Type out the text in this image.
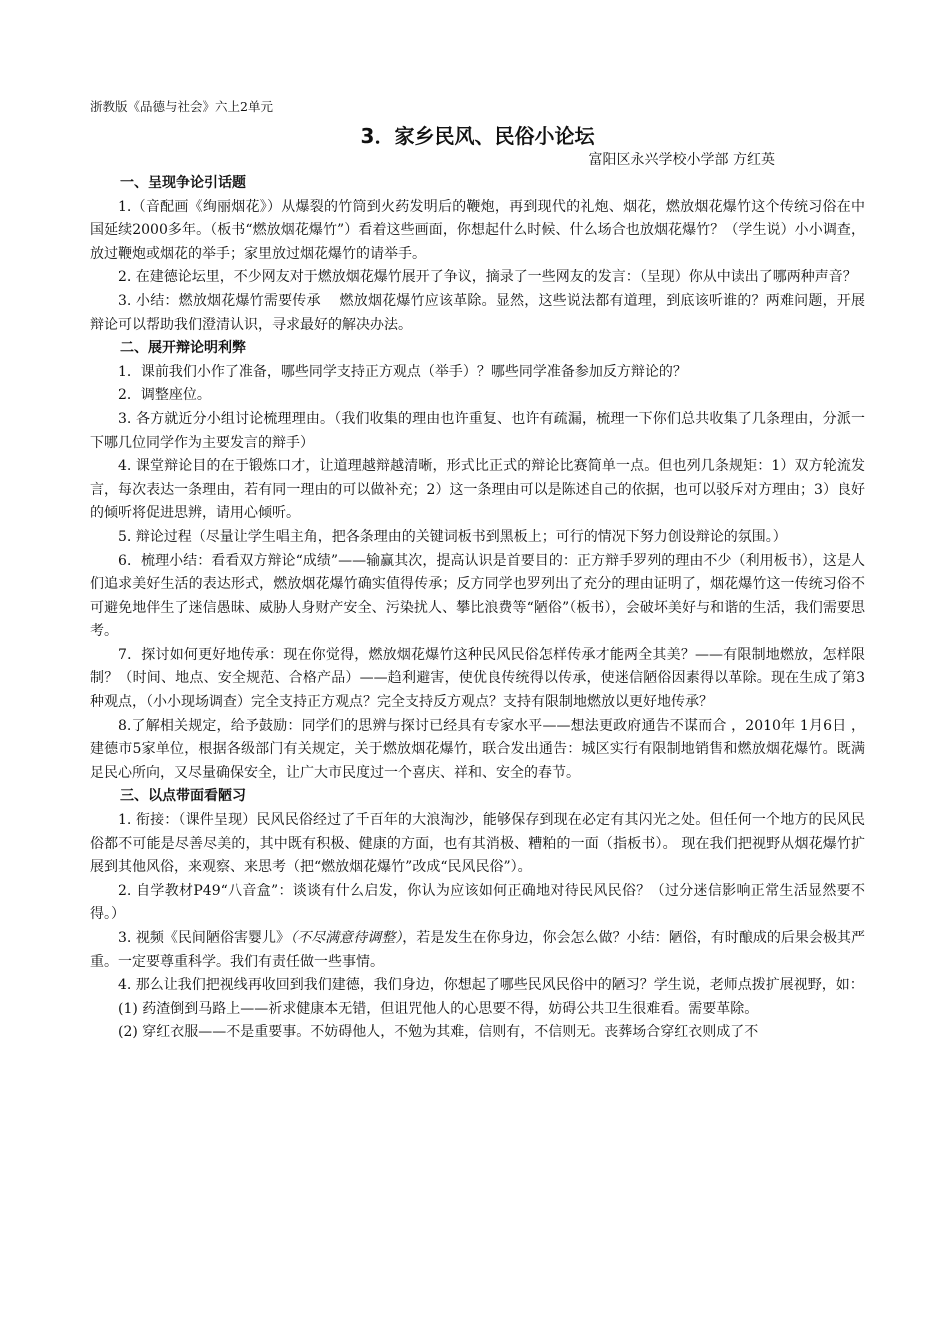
浙教版《品德与社会》六上2单元

3．家乡民风、民俗小论坛

富阳区永兴学校小学部 方红英

一、呈现争论引话题

1.（音配画《绚丽烟花》）从爆裂的竹筒到火药发明后的鞭炮，再到现代的礼炮、烟花，燃放烟花爆竹这个传统习俗在中国延续2000多年。（板书“燃放烟花爆竹”）看着这些画面，你想起什么时候、什么场合也放烟花爆竹？（学生说）小小调查，放过鞭炮或烟花的举手；家里放过烟花爆竹的请举手。

2. 在建德论坛里，不少网友对于燃放烟花爆竹展开了争议，摘录了一些网友的发言：（呈现）你从中读出了哪两种声音？

3. 小结：燃放烟花爆竹需要传承　 燃放烟花爆竹应该革除。显然，这些说法都有道理，到底该听谁的？两难问题，开展辩论可以帮助我们澄清认识，寻求最好的解决办法。

二、展开辩论明利弊

1．课前我们小作了准备，哪些同学支持正方观点（举手）？哪些同学准备参加反方辩论的？

2．调整座位。

3. 各方就近分小组讨论梳理理由。（我们收集的理由也许重复、也许有疏漏，梳理一下你们总共收集了几条理由，分派一下哪几位同学作为主要发言的辩手）

4. 课堂辩论目的在于锻炼口才，让道理越辩越清晰，形式比正式的辩论比赛简单一点。但也列几条规矩：1）双方轮流发言，每次表达一条理由，若有同一理由的可以做补充；2）这一条理由可以是陈述自己的依据，也可以驳斥对方理由；3）良好的倾听将促进思辨，请用心倾听。

5. 辩论过程（尽量让学生唱主角，把各条理由的关键词板书到黑板上；可行的情况下努力创设辩论的氛围。）

6．梳理小结：看看双方辩论“成绩”——输赢其次，提高认识是首要目的：正方辩手罗列的理由不少（利用板书），这是人们追求美好生活的表达形式，燃放烟花爆竹确实值得传承；反方同学也罗列出了充分的理由证明了，烟花爆竹这一传统习俗不可避免地伴生了迷信愚昧、威胁人身财产安全、污染扰人、攀比浪费等“陋俗”（板书），会破坏美好与和谐的生活，我们需要思考。

7．探讨如何更好地传承：现在你觉得，燃放烟花爆竹这种民风民俗怎样传承才能两全其美？——有限制地燃放，怎样限制？（时间、地点、安全规范、合格产品）——趋利避害，使优良传统得以传承，使迷信陋俗因素得以革除。现在生成了第3种观点，（小小现场调查）完全支持正方观点？完全支持反方观点？支持有限制地燃放以更好地传承？

8.了解相关规定，给予鼓励：同学们的思辨与探讨已经具有专家水平——想法更政府通告不谋而合 ，2010年 1月6日 ，建德市5家单位，根据各级部门有关规定，关于燃放烟花爆竹，联合发出通告：城区实行有限制地销售和燃放烟花爆竹。既满足民心所向，又尽量确保安全，让广大市民度过一个喜庆、祥和、安全的春节。

三、以点带面看陋习

1. 衔接：（课件呈现）民风民俗经过了千百年的大浪淘沙，能够保存到现在必定有其闪光之处。但任何一个地方的民风民俗都不可能是尽善尽美的，其中既有积极、健康的方面，也有其消极、糟粕的一面（指板书）。 现在我们把视野从烟花爆竹扩展到其他风俗，来观察、来思考（把“燃放烟花爆竹”改成“民风民俗”）。

2. 自学教材P49“八音盒”：谈谈有什么启发，你认为应该如何正确地对待民风民俗？（过分迷信影响正常生活显然要不得。）

3. 视频《民间陋俗害婴儿》（不尽满意待调整），若是发生在你身边，你会怎么做？小结：陋俗，有时酿成的后果会极其严重。一定要尊重科学。我们有责任做一些事情。

4. 那么让我们把视线再收回到我们建德，我们身边，你想起了哪些民风民俗中的陋习？学生说，老师点拨扩展视野，如：

(1) 药渣倒到马路上——祈求健康本无错，但诅咒他人的心思要不得，妨碍公共卫生很难看。需要革除。

(2) 穿红衣服——不是重要事。不妨碍他人，不勉为其难，信则有，不信则无。丧葬场合穿红衣则成了不
